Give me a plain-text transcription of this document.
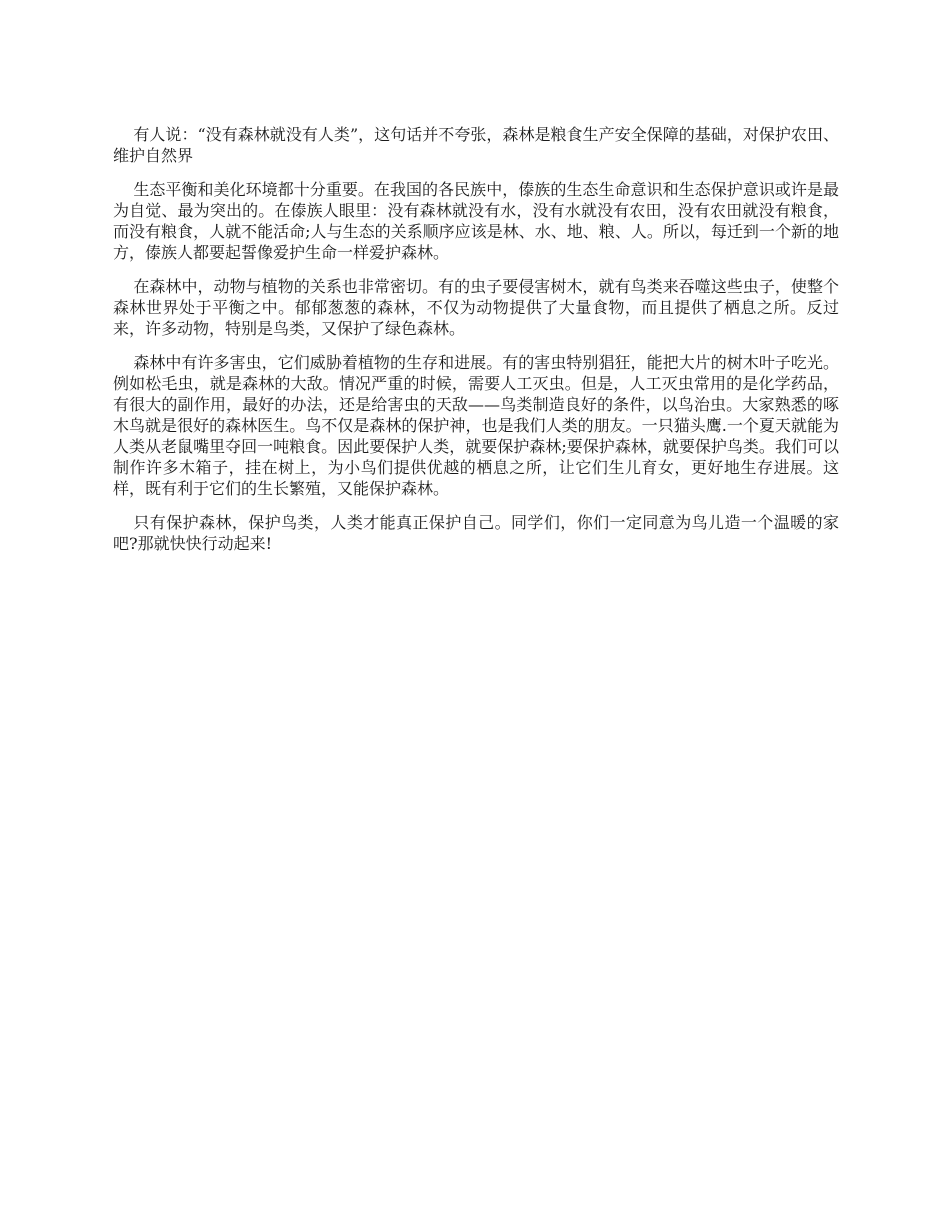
有人说：“没有森林就没有人类”，这句话并不夸张，森林是粮食生产安全保障的基础，对保护农田、维护自然界

生态平衡和美化环境都十分重要。在我国的各民族中，傣族的生态生命意识和生态保护意识或许是最为自觉、最为突出的。在傣族人眼里：没有森林就没有水，没有水就没有农田，没有农田就没有粮食，而没有粮食，人就不能活命;人与生态的关系顺序应该是林、水、地、粮、人。所以，每迁到一个新的地方，傣族人都要起誓像爱护生命一样爱护森林。

在森林中，动物与植物的关系也非常密切。有的虫子要侵害树木，就有鸟类来吞噬这些虫子，使整个森林世界处于平衡之中。郁郁葱葱的森林，不仅为动物提供了大量食物，而且提供了栖息之所。反过来，许多动物，特别是鸟类，又保护了绿色森林。

森林中有许多害虫，它们威胁着植物的生存和进展。有的害虫特别猖狂，能把大片的树木叶子吃光。例如松毛虫，就是森林的大敌。情况严重的时候，需要人工灭虫。但是，人工灭虫常用的是化学药品，有很大的副作用，最好的办法，还是给害虫的天敌——鸟类制造良好的条件，以鸟治虫。大家熟悉的啄木鸟就是很好的森林医生。鸟不仅是森林的保护神，也是我们人类的朋友。一只猫头鹰.一个夏天就能为人类从老鼠嘴里夺回一吨粮食。因此要保护人类，就要保护森林;要保护森林，就要保护鸟类。我们可以制作许多木箱子，挂在树上，为小鸟们提供优越的栖息之所，让它们生儿育女，更好地生存进展。这样，既有利于它们的生长繁殖，又能保护森林。

只有保护森林，保护鸟类，人类才能真正保护自己。同学们，你们一定同意为鸟儿造一个温暖的家吧?那就快快行动起来!
